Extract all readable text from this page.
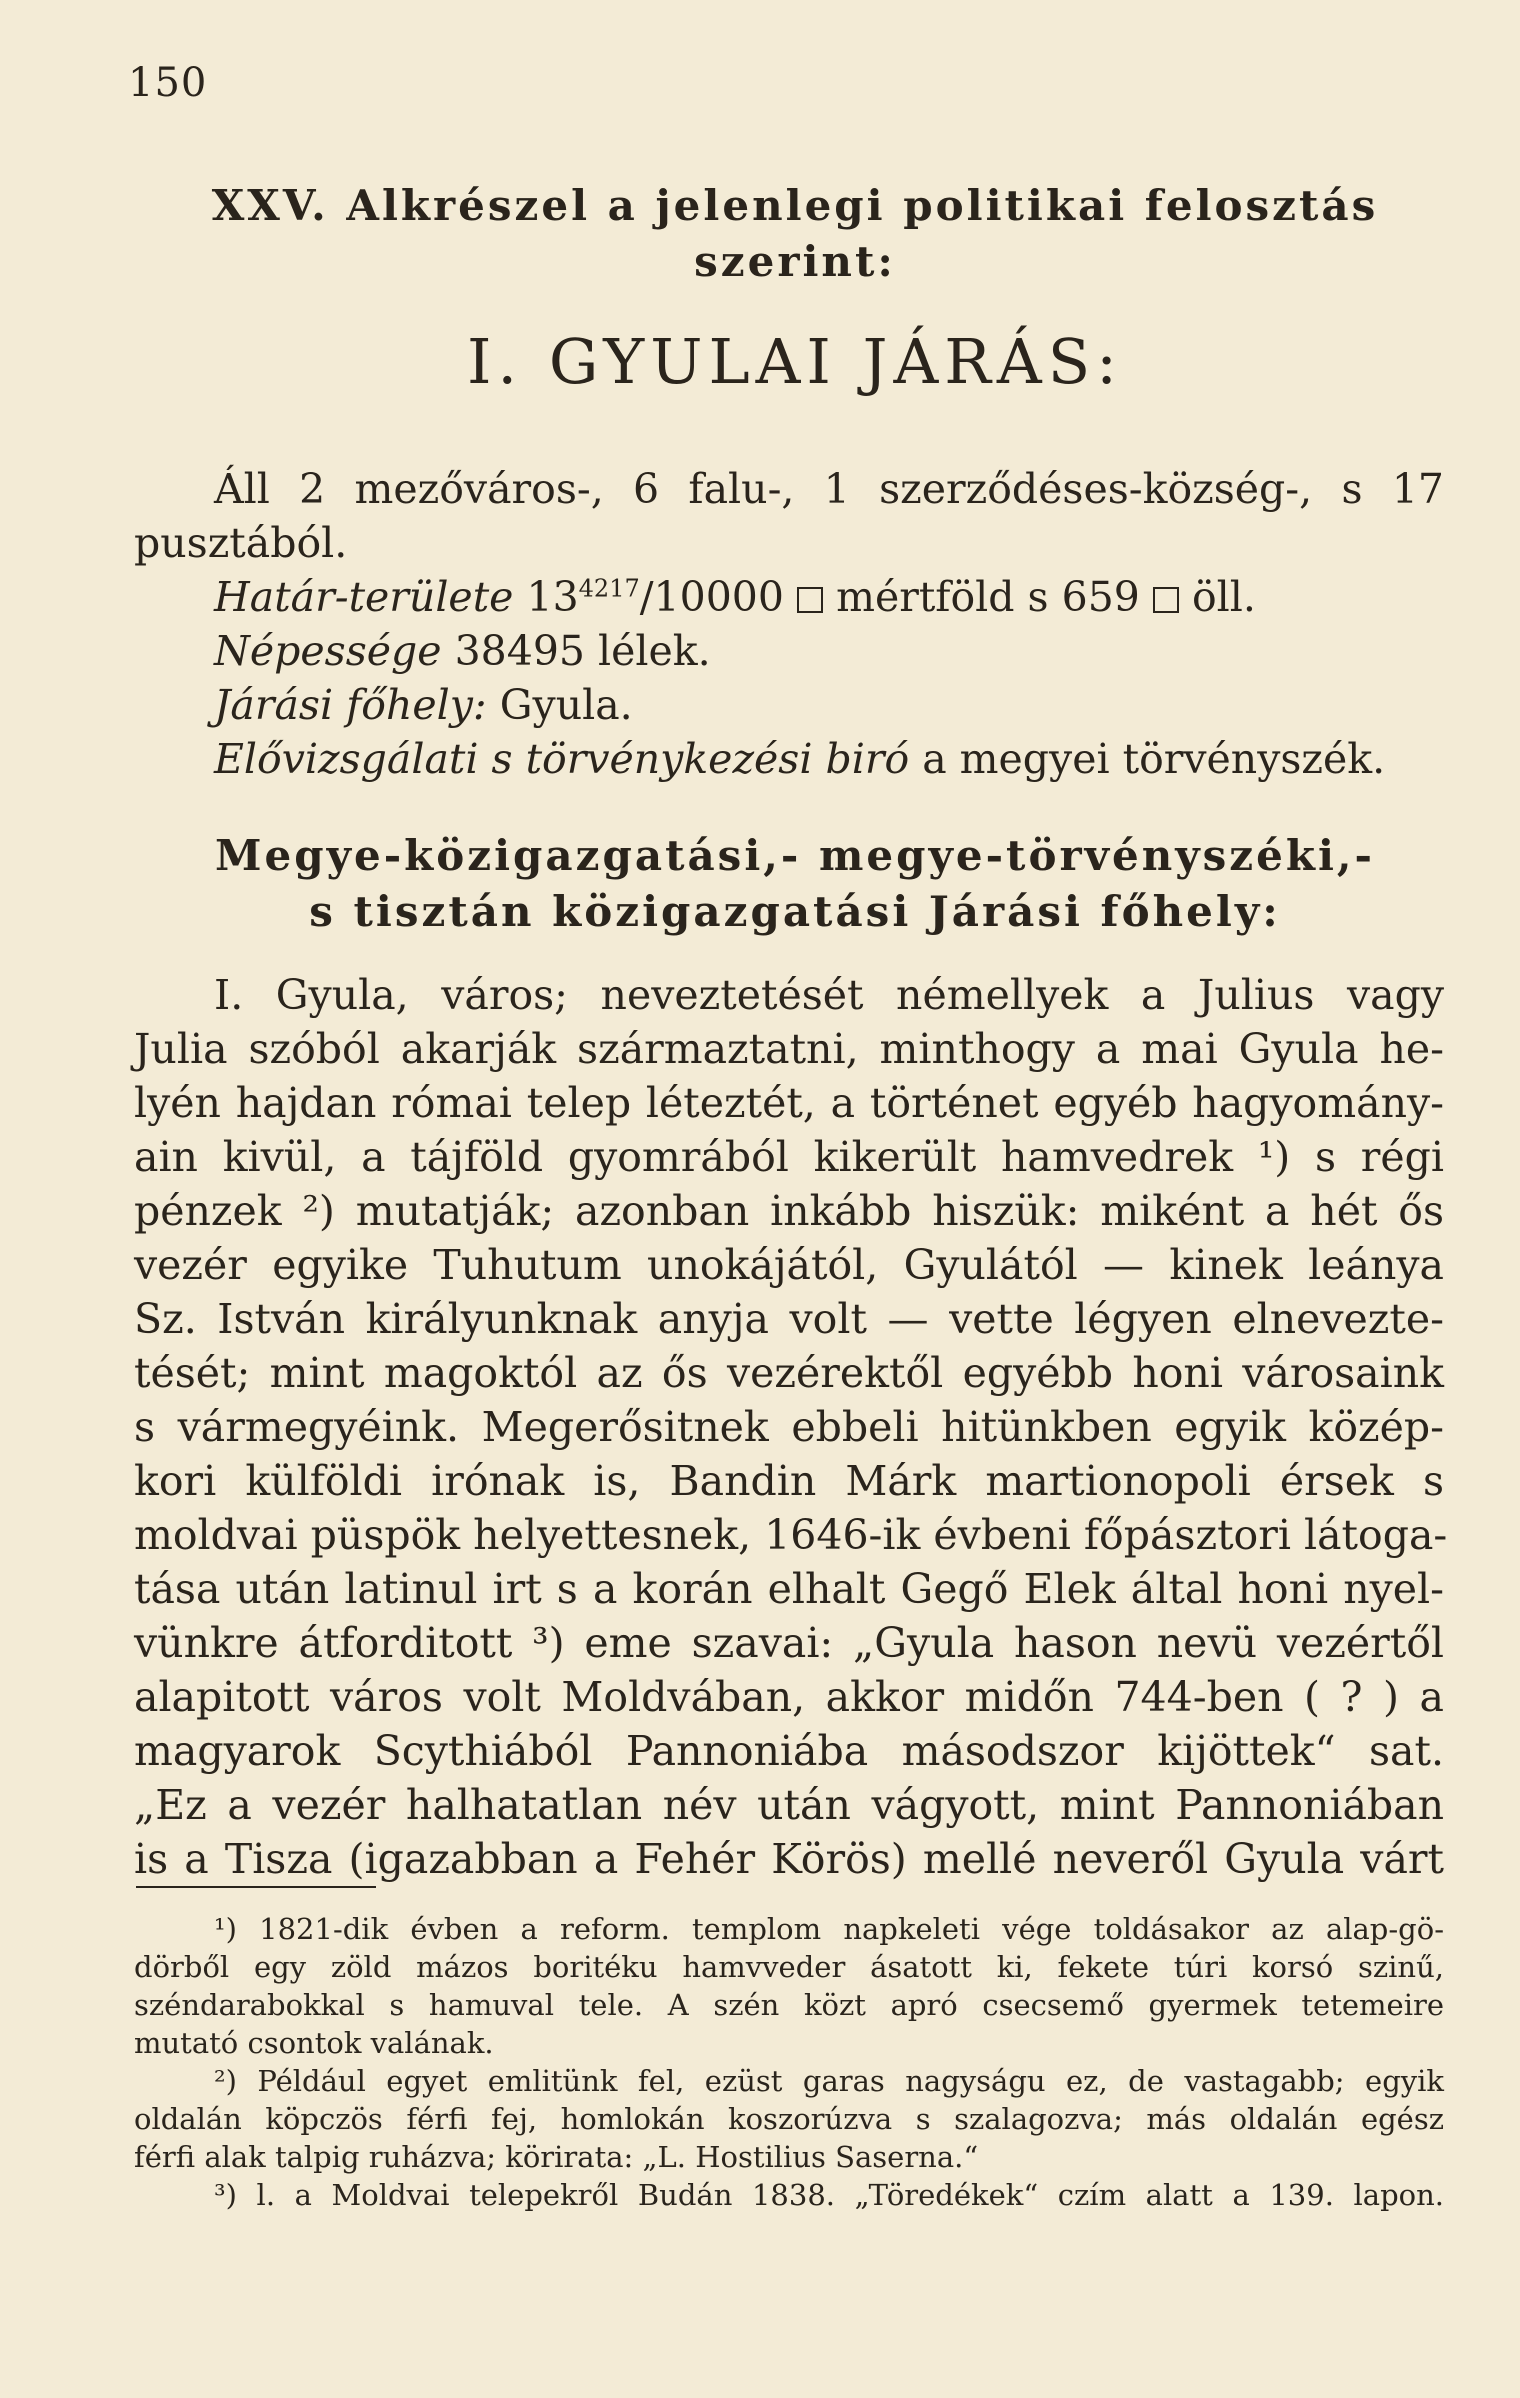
150
XXV. Alkrészel a jelenlegi politikai felosztás szerint:
I. GYULAI JÁRÁS:
Áll 2 mezőváros-, 6 falu-, 1 szerződéses-község-, s 17
pusztából.
Határ-területe $13^{4217}/10000$ mértföld s 659 öll.
Népessége 38495 lélek.
Járási főhely: Gyula.
Elővizsgálati s törvénykezési biró a megyei törvényszék.
Megye-közigazgatási,- megye-törvényszéki,-
s tisztán közigazgatási Járási főhely:
I. Gyula, város; neveztetését némellyek a Julius vagy
Julia szóból akarják származtatni, minthogy a mai Gyula he-
lyén hajdan római telep léteztét, a történet egyéb hagyomány-
ain kivül, a tájföld gyomrából kikerült hamvedrek ¹) s régi
pénzek ²) mutatják; azonban inkább hiszük: miként a hét ős
vezér egyike Tuhutum unokájától, Gyulától — kinek leánya
Sz. István királyunknak anyja volt — vette légyen elnevezte-
tését; mint magoktól az ős vezérektől egyébb honi városaink
s vármegyéink. Megerősitnek ebbeli hitünkben egyik közép-
kori külföldi irónak is, Bandin Márk martionopoli érsek s
moldvai püspök helyettesnek, 1646-ik évbeni főpásztori látoga-
tása után latinul irt s a korán elhalt Gegő Elek által honi nyel-
vünkre átforditott ³) eme szavai: „Gyula hason nevü vezértől
alapitott város volt Moldvában, akkor midőn 744-ben ( ? ) a
magyarok Scythiából Pannoniába másodszor kijöttek“ sat.
„Ez a vezér halhatatlan név után vágyott, mint Pannoniában
is a Tisza (igazabban a Fehér Körös) mellé neveről Gyula várt
¹) 1821-dik évben a reform. templom napkeleti vége toldásakor az alap-gö-
dörből egy zöld mázos boritéku hamvveder ásatott ki, fekete túri korsó szinű,
széndarabokkal s hamuval tele. A szén közt apró csecsemő gyermek tetemeire
mutató csontok valának.
²) Például egyet emlitünk fel, ezüst garas nagyságu ez, de vastagabb; egyik
oldalán köpczös férfi fej, homlokán koszorúzva s szalagozva; más oldalán egész
férfi alak talpig ruházva; körirata: „L. Hostilius Saserna.“
³) l. a Moldvai telepekről Budán 1838. „Töredékek“ czím alatt a 139. lapon.
